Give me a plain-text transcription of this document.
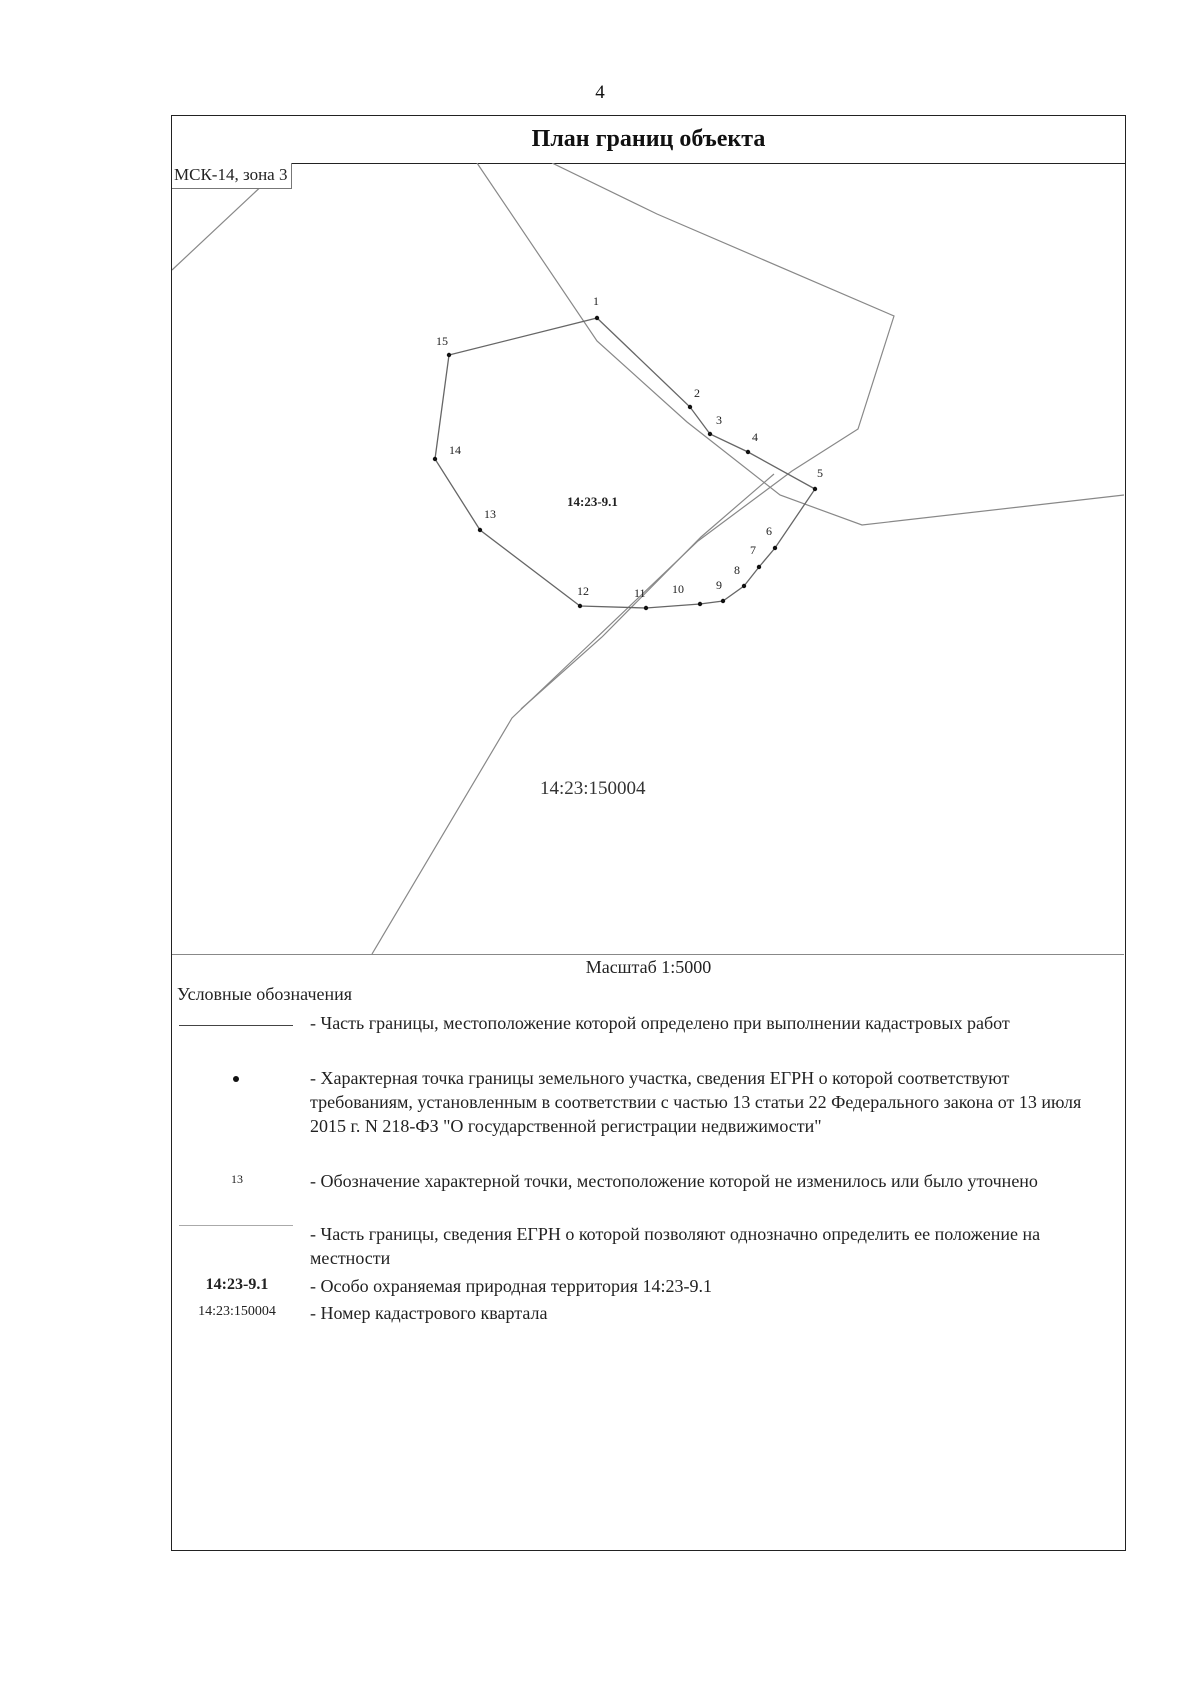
4
План границ объекта
1
2
3
4
5
6
7
8
9
10
11
12
13
14
15
14:23-9.1
14:23:150004
МСК-14, зона 3
Масштаб 1:5000
Условные обозначения
- Часть границы, местоположение которой определено при выполнении кадастровых работ
- Характерная точка границы земельного участка, сведения ЕГРН о которой соответствуют требованиям, установленным в соответствии с частью 13 статьи 22 Федерального закона от 13 июля 2015 г. N 218-ФЗ "О государственной регистрации недвижимости"
13	- Обозначение характерной точки, местоположение которой не изменилось или было уточнено
- Часть границы, сведения ЕГРН о которой позволяют однозначно определить ее положение на местности
14:23-9.1	- Особо охраняемая природная территория 14:23-9.1
14:23:150004	- Номер кадастрового квартала
